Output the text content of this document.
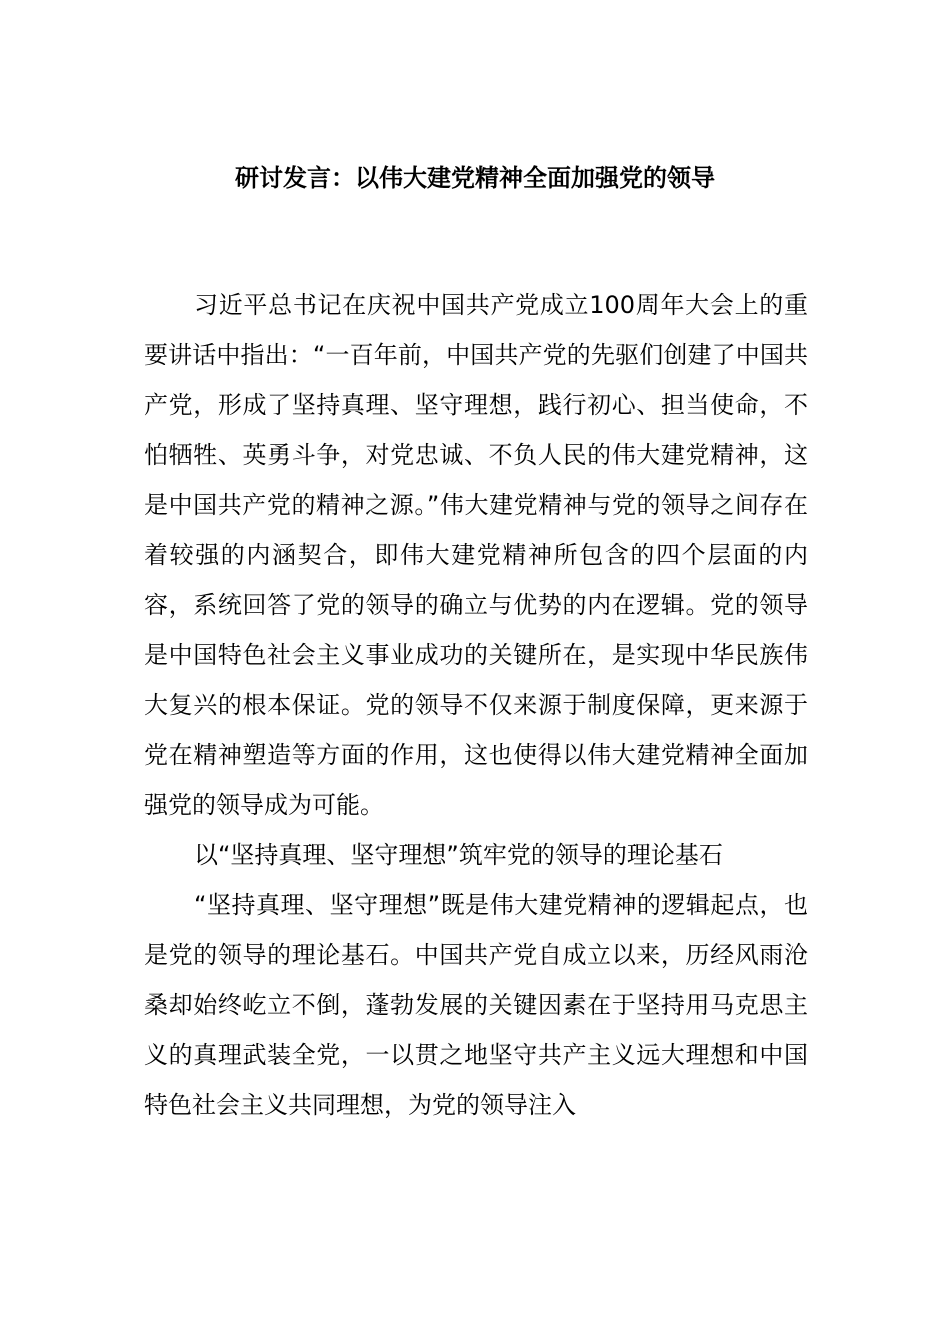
研讨发言：以伟大建党精神全面加强党的领导

习近平总书记在庆祝中国共产党成立100周年大会上的重要讲话中指出：“一百年前，中国共产党的先驱们创建了中国共产党，形成了坚持真理、坚守理想，践行初心、担当使命，不怕牺牲、英勇斗争，对党忠诚、不负人民的伟大建党精神，这是中国共产党的精神之源。”伟大建党精神与党的领导之间存在着较强的内涵契合，即伟大建党精神所包含的四个层面的内容，系统回答了党的领导的确立与优势的内在逻辑。党的领导是中国特色社会主义事业成功的关键所在，是实现中华民族伟大复兴的根本保证。党的领导不仅来源于制度保障，更来源于党在精神塑造等方面的作用，这也使得以伟大建党精神全面加强党的领导成为可能。

以“坚持真理、坚守理想”筑牢党的领导的理论基石

“坚持真理、坚守理想”既是伟大建党精神的逻辑起点，也是党的领导的理论基石。中国共产党自成立以来，历经风雨沧桑却始终屹立不倒，蓬勃发展的关键因素在于坚持用马克思主义的真理武装全党，一以贯之地坚守共产主义远大理想和中国特色社会主义共同理想，为党的领导注入
